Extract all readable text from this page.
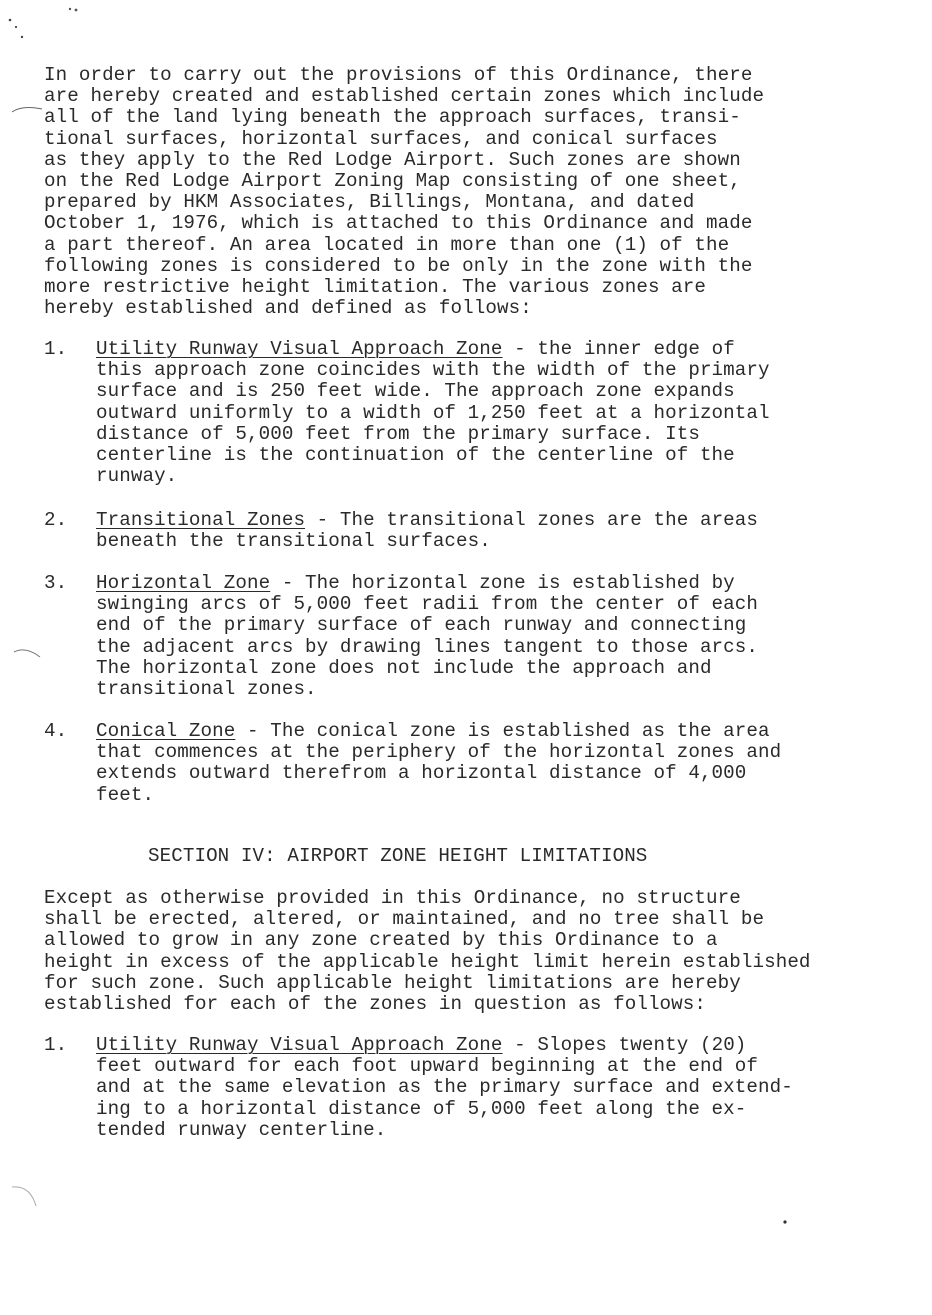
In order to carry out the provisions of this Ordinance, there
are hereby created and established certain zones which include
all of the land lying beneath the approach surfaces, transi-
tional surfaces, horizontal surfaces, and conical surfaces
as they apply to the Red Lodge Airport. Such zones are shown
on the Red Lodge Airport Zoning Map consisting of one sheet,
prepared by HKM Associates, Billings, Montana, and dated
October 1, 1976, which is attached to this Ordinance and made
a part thereof. An area located in more than one (1) of the
following zones is considered to be only in the zone with the
more restrictive height limitation. The various zones are
hereby established and defined as follows:

1.	Utility Runway Visual Approach Zone - the inner edge of
this approach zone coincides with the width of the primary
surface and is 250 feet wide. The approach zone expands
outward uniformly to a width of 1,250 feet at a horizontal
distance of 5,000 feet from the primary surface. Its
centerline is the continuation of the centerline of the
runway.
2.	Transitional Zones - The transitional zones are the areas
beneath the transitional surfaces.
3.	Horizontal Zone - The horizontal zone is established by
swinging arcs of 5,000 feet radii from the center of each
end of the primary surface of each runway and connecting
the adjacent arcs by drawing lines tangent to those arcs.
The horizontal zone does not include the approach and
transitional zones.
4.	Conical Zone - The conical zone is established as the area
that commences at the periphery of the horizontal zones and
extends outward therefrom a horizontal distance of 4,000
feet.
SECTION IV: AIRPORT ZONE HEIGHT LIMITATIONS

Except as otherwise provided in this Ordinance, no structure
shall be erected, altered, or maintained, and no tree shall be
allowed to grow in any zone created by this Ordinance to a
height in excess of the applicable height limit herein established
for such zone. Such applicable height limitations are hereby
established for each of the zones in question as follows:

1.	Utility Runway Visual Approach Zone - Slopes twenty (20)
feet outward for each foot upward beginning at the end of
and at the same elevation as the primary surface and extend-
ing to a horizontal distance of 5,000 feet along the ex-
tended runway centerline.
